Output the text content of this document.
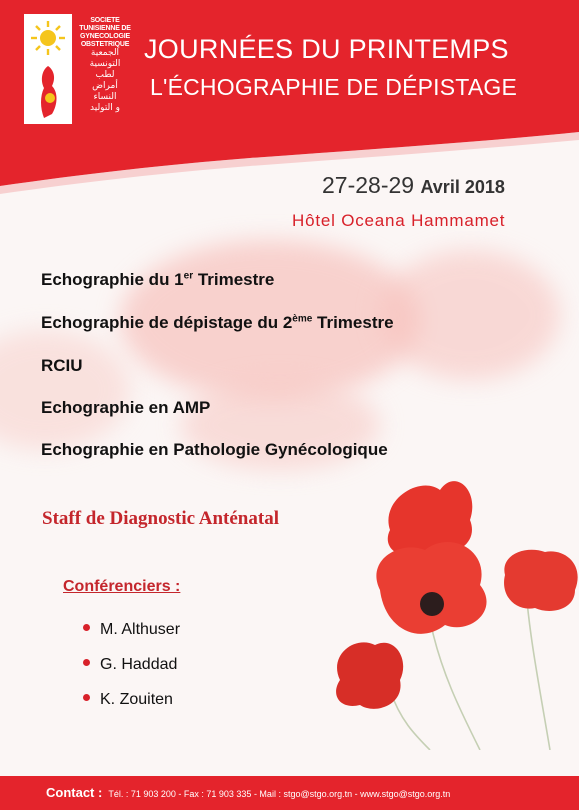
SOCIETE
TUNISIENNE DE
GYNECOLOGIE
OBSTETRIQUE
الجمعية
التونسية
لطب
أمراض
النساء
و التوليد
JOURNÉES DU PRINTEMPS
L'ÉCHOGRAPHIE DE DÉPISTAGE
27-28-29 Avril 2018
Hôtel Oceana Hammamet
Echographie du 1er Trimestre
Echographie de dépistage du 2ème Trimestre
RCIU
Echographie en AMP
Echographie en Pathologie Gynécologique
Staff de Diagnostic Anténatal
Conférenciers :
M. Althuser
G. Haddad
K. Zouiten
Contact : Tél. : 71 903 200 - Fax : 71 903 335 - Mail : stgo@stgo.org.tn - www.stgo@stgo.org.tn
